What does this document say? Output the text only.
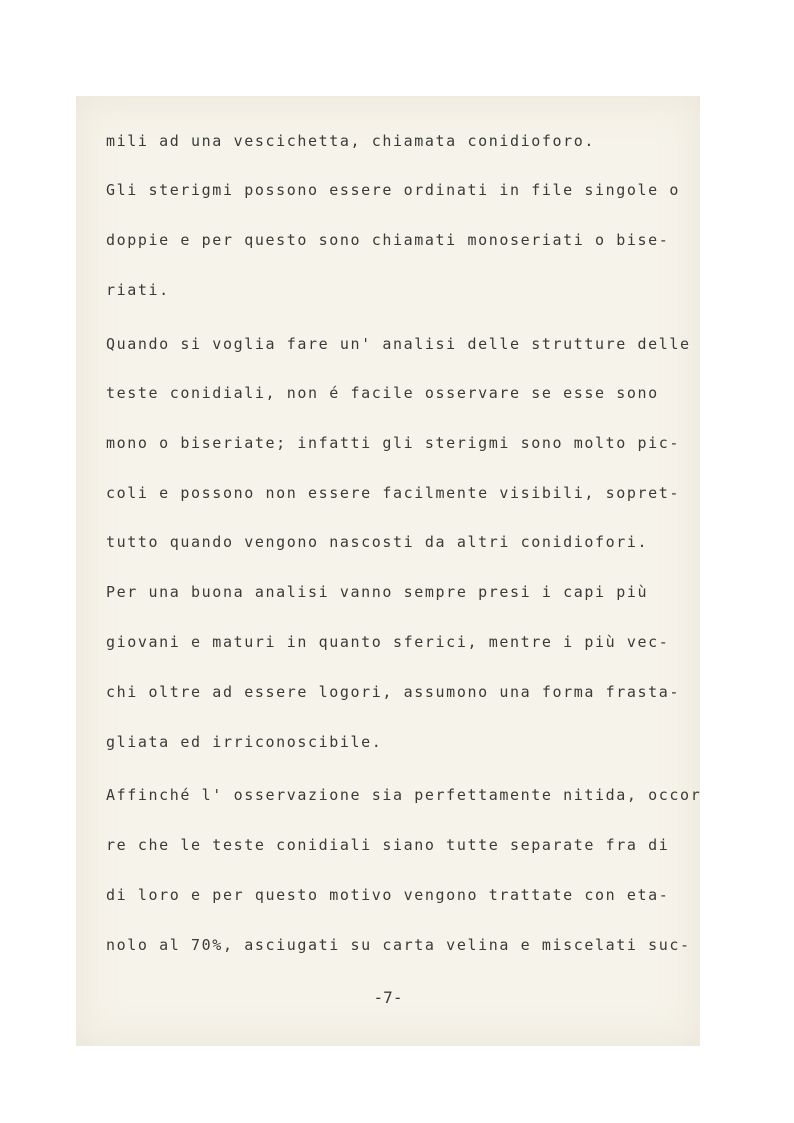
mili ad una vescichetta, chiamata conidioforo.
Gli sterigmi possono essere ordinati in file singole o
doppie e per questo sono chiamati monoseriati o bise-
riati.
Quando si voglia fare un' analisi delle strutture delle
teste conidiali, non é facile osservare se esse sono
mono o biseriate; infatti gli sterigmi sono molto pic-
coli e possono non essere facilmente visibili, sopret-
tutto quando vengono nascosti da altri conidiofori.
Per una buona analisi vanno sempre presi i capi più
giovani e maturi in quanto sferici, mentre i più vec-
chi oltre ad essere logori, assumono una forma frasta-
gliata ed irriconoscibile.
Affinché l' osservazione sia perfettamente nitida, occor
re che le teste conidiali siano tutte separate fra di
di loro e per questo motivo vengono trattate con eta-
nolo al 70%, asciugati su carta velina e miscelati suc-
-7-
